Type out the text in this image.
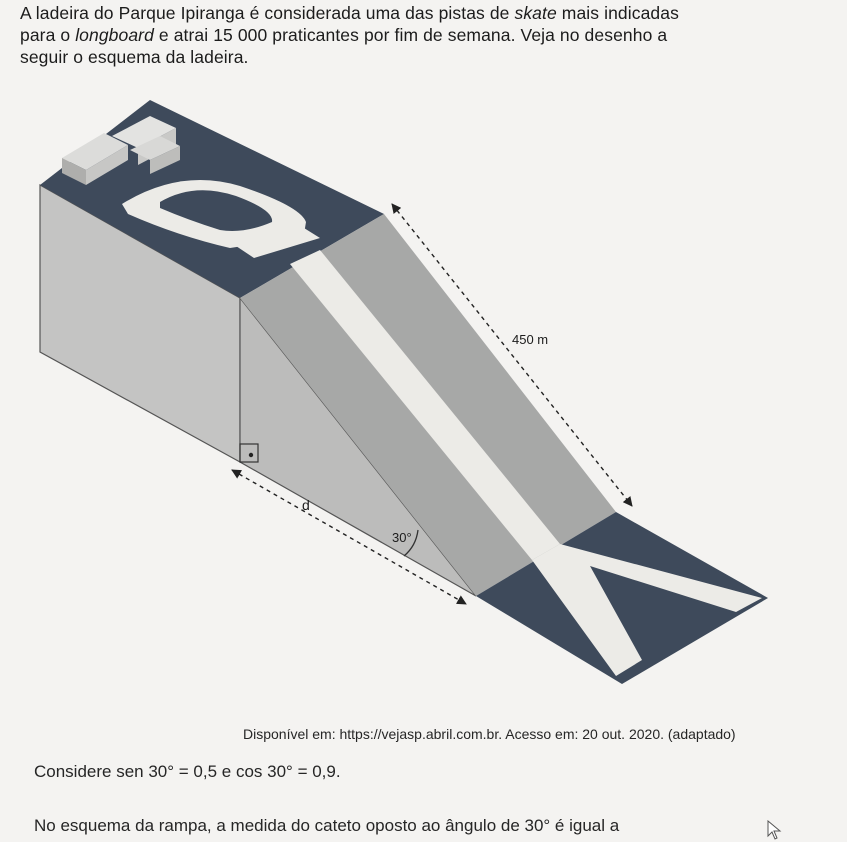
A ladeira do Parque Ipiranga é considerada uma das pistas de skate mais indicadas
para o longboard e atrai 15 000 praticantes por fim de semana. Veja no desenho a
seguir o esquema da ladeira.
450 m
d
30°
Disponível em: https://vejasp.abril.com.br. Acesso em: 20 out. 2020. (adaptado)
Considere sen 30° = 0,5 e cos 30° = 0,9.
No esquema da rampa, a medida do cateto oposto ao ângulo de 30° é igual a
